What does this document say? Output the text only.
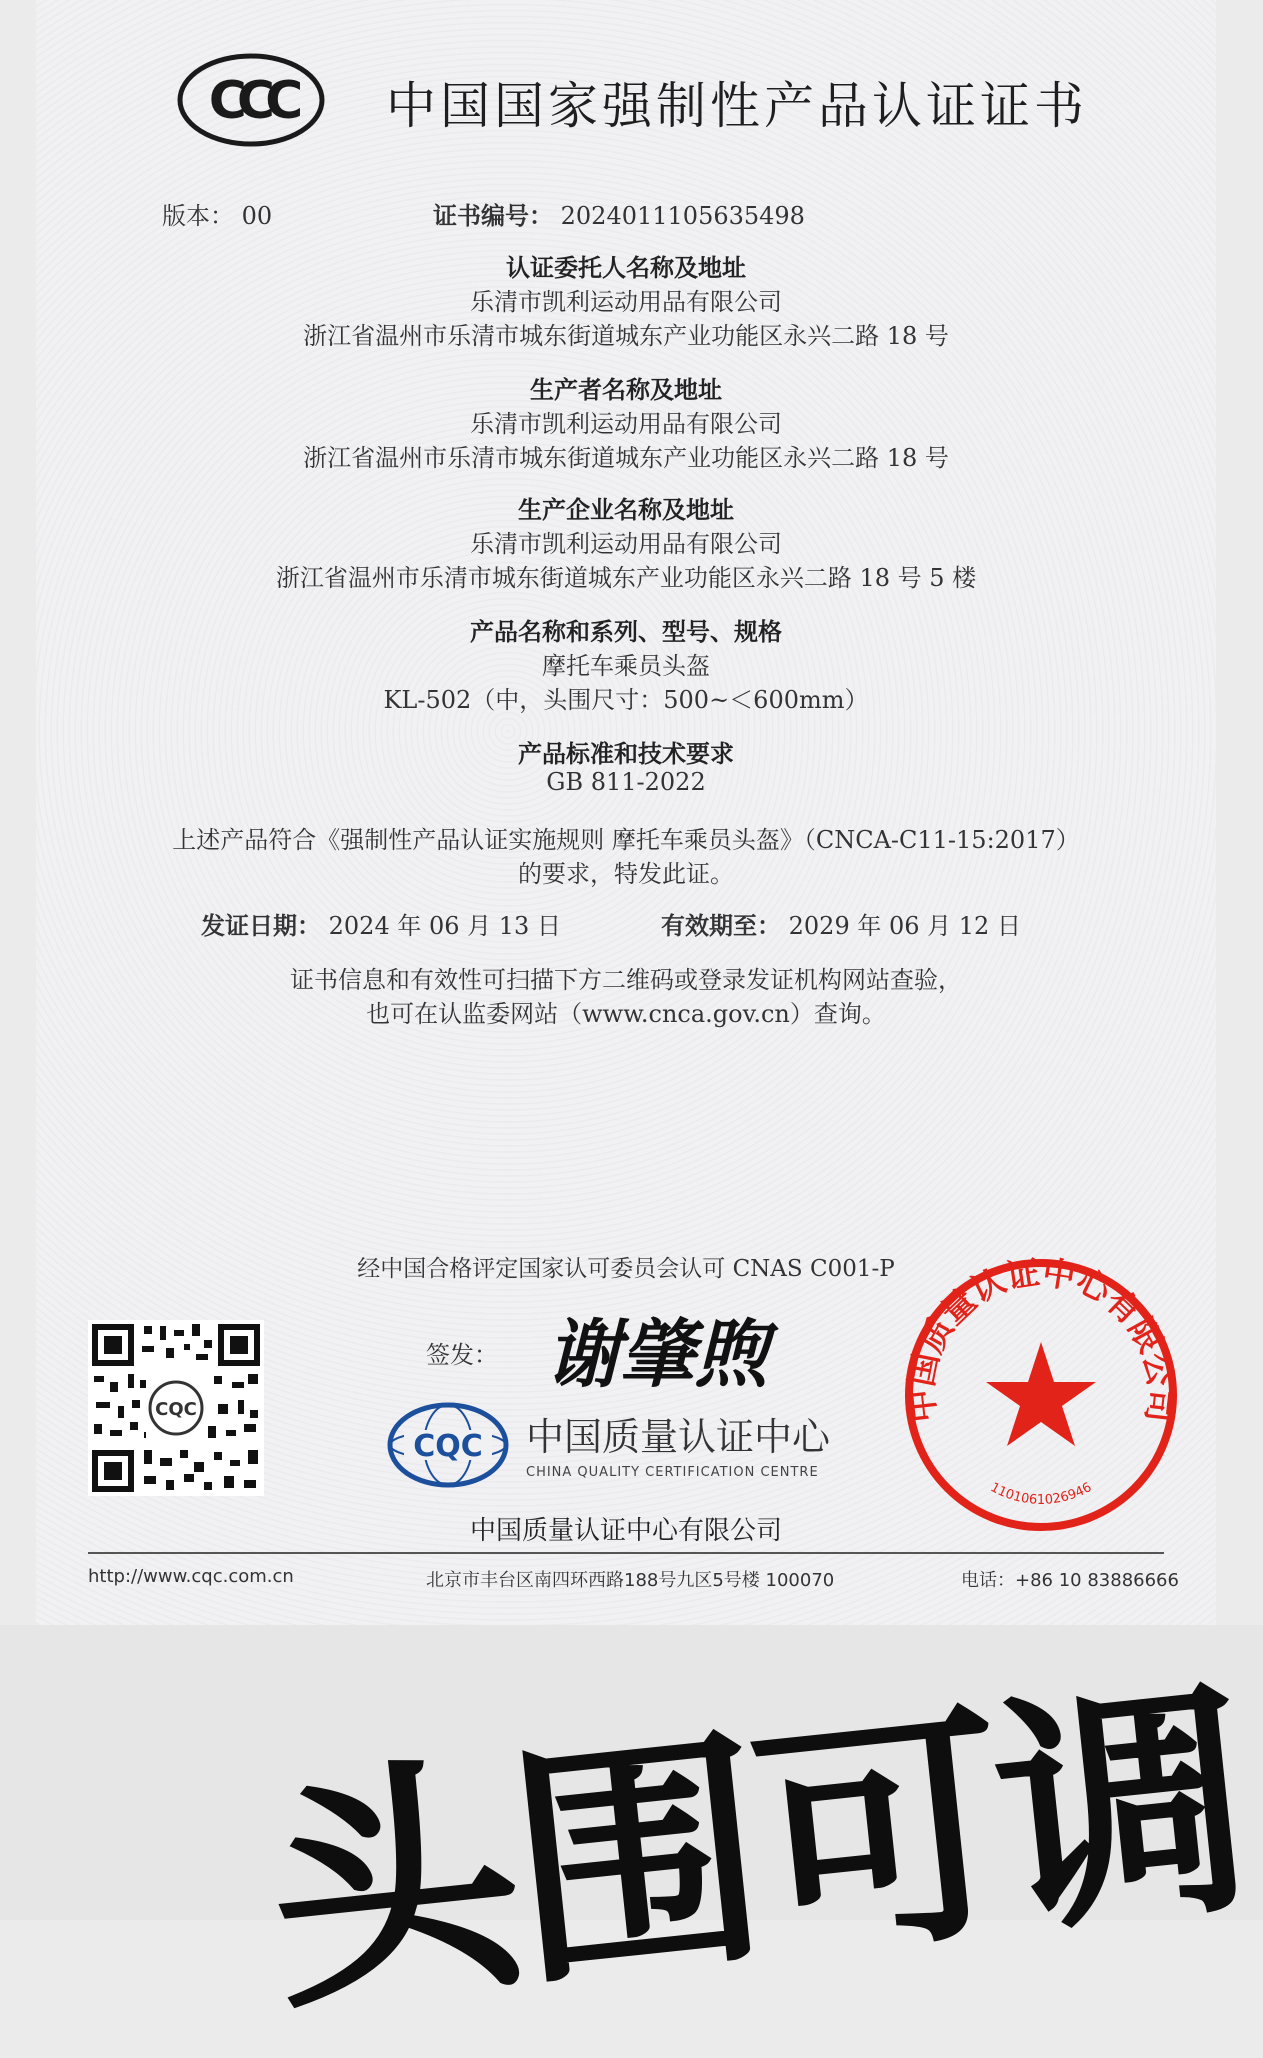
CCC 中国国家强制性产品认证证书
版本： 00	证书编号： 2024011105635498
认证委托人名称及地址
乐清市凯利运动用品有限公司
浙江省温州市乐清市城东街道城东产业功能区永兴二路 18 号
生产者名称及地址
乐清市凯利运动用品有限公司
浙江省温州市乐清市城东街道城东产业功能区永兴二路 18 号
生产企业名称及地址
乐清市凯利运动用品有限公司
浙江省温州市乐清市城东街道城东产业功能区永兴二路 18 号 5 楼
产品名称和系列、型号、规格
摩托车乘员头盔
KL-502（中，头围尺寸：500~＜600mm）
产品标准和技术要求
GB 811-2022
上述产品符合《强制性产品认证实施规则 摩托车乘员头盔》（CNCA-C11-15:2017）
的要求，特发此证。
发证日期： 2024 年 06 月 13 日	有效期至： 2029 年 06 月 12 日
证书信息和有效性可扫描下方二维码或登录发证机构网站查验，
也可在认监委网站（www.cnca.gov.cn）查询。
经中国合格评定国家认可委员会认可 CNAS C001-P
CQC
签发： 谢肇煦
CQC 中国质量认证中心
CHINA QUALITY CERTIFICATION CENTRE
中国质量认证中心有限公司
中国质量认证中心有限公司
1101061026946
http://www.cqc.com.cn	北京市丰台区南四环西路188号九区5号楼 100070	电话：+86 10 83886666
头围可调
